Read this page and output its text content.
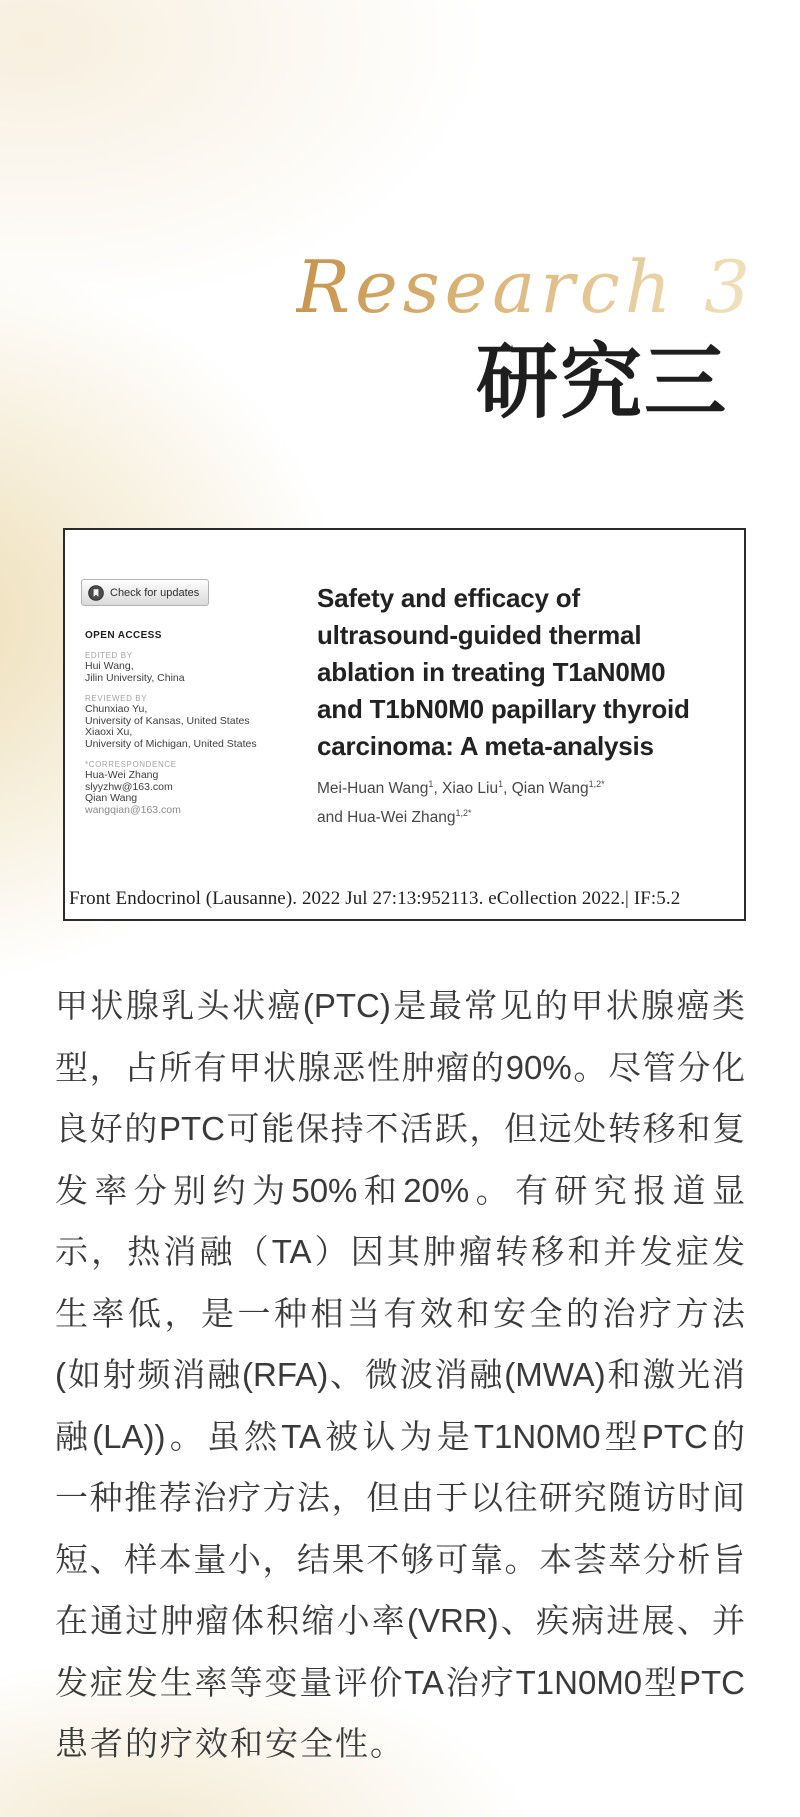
Research 3
研究三
Check for updates
OPEN ACCESS
EDITED BY
Hui Wang,
Jilin University, China
REVIEWED BY
Chunxiao Yu,
University of Kansas, United States
Xiaoxi Xu,
University of Michigan, United States
*CORRESPONDENCE
Hua-Wei Zhang
slyyzhw@163.com
Qian Wang
wangqian@163.com
Safety and efficacy of
ultrasound-guided thermal
ablation in treating T1aN0M0
and T1bN0M0 papillary thyroid
carcinoma: A meta-analysis
Mei-Huan Wang$^1$, Xiao Liu$^1$, Qian Wang$^{1,2*}$
and Hua-Wei Zhang$^{1,2*}$
Front Endocrinol (Lausanne). 2022 Jul 27:13:952113. eCollection 2022.| IF:5.2
甲状腺乳头状癌(PTC)是最常见的甲状腺癌类
型，占所有甲状腺恶性肿瘤的90%。尽管分化
良好的PTC可能保持不活跃，但远处转移和复
发率分别约为50%和20%。有研究报道显
示，热消融（TA）因其肿瘤转移和并发症发
生率低，是一种相当有效和安全的治疗方法
(如射频消融(RFA)、微波消融(MWA)和激光消
融(LA))。虽然TA被认为是T1N0M0型PTC的
一种推荐治疗方法，但由于以往研究随访时间
短、样本量小，结果不够可靠。本荟萃分析旨
在通过肿瘤体积缩小率(VRR)、疾病进展、并
发症发生率等变量评价TA治疗T1N0M0型PTC
患者的疗效和安全性。
